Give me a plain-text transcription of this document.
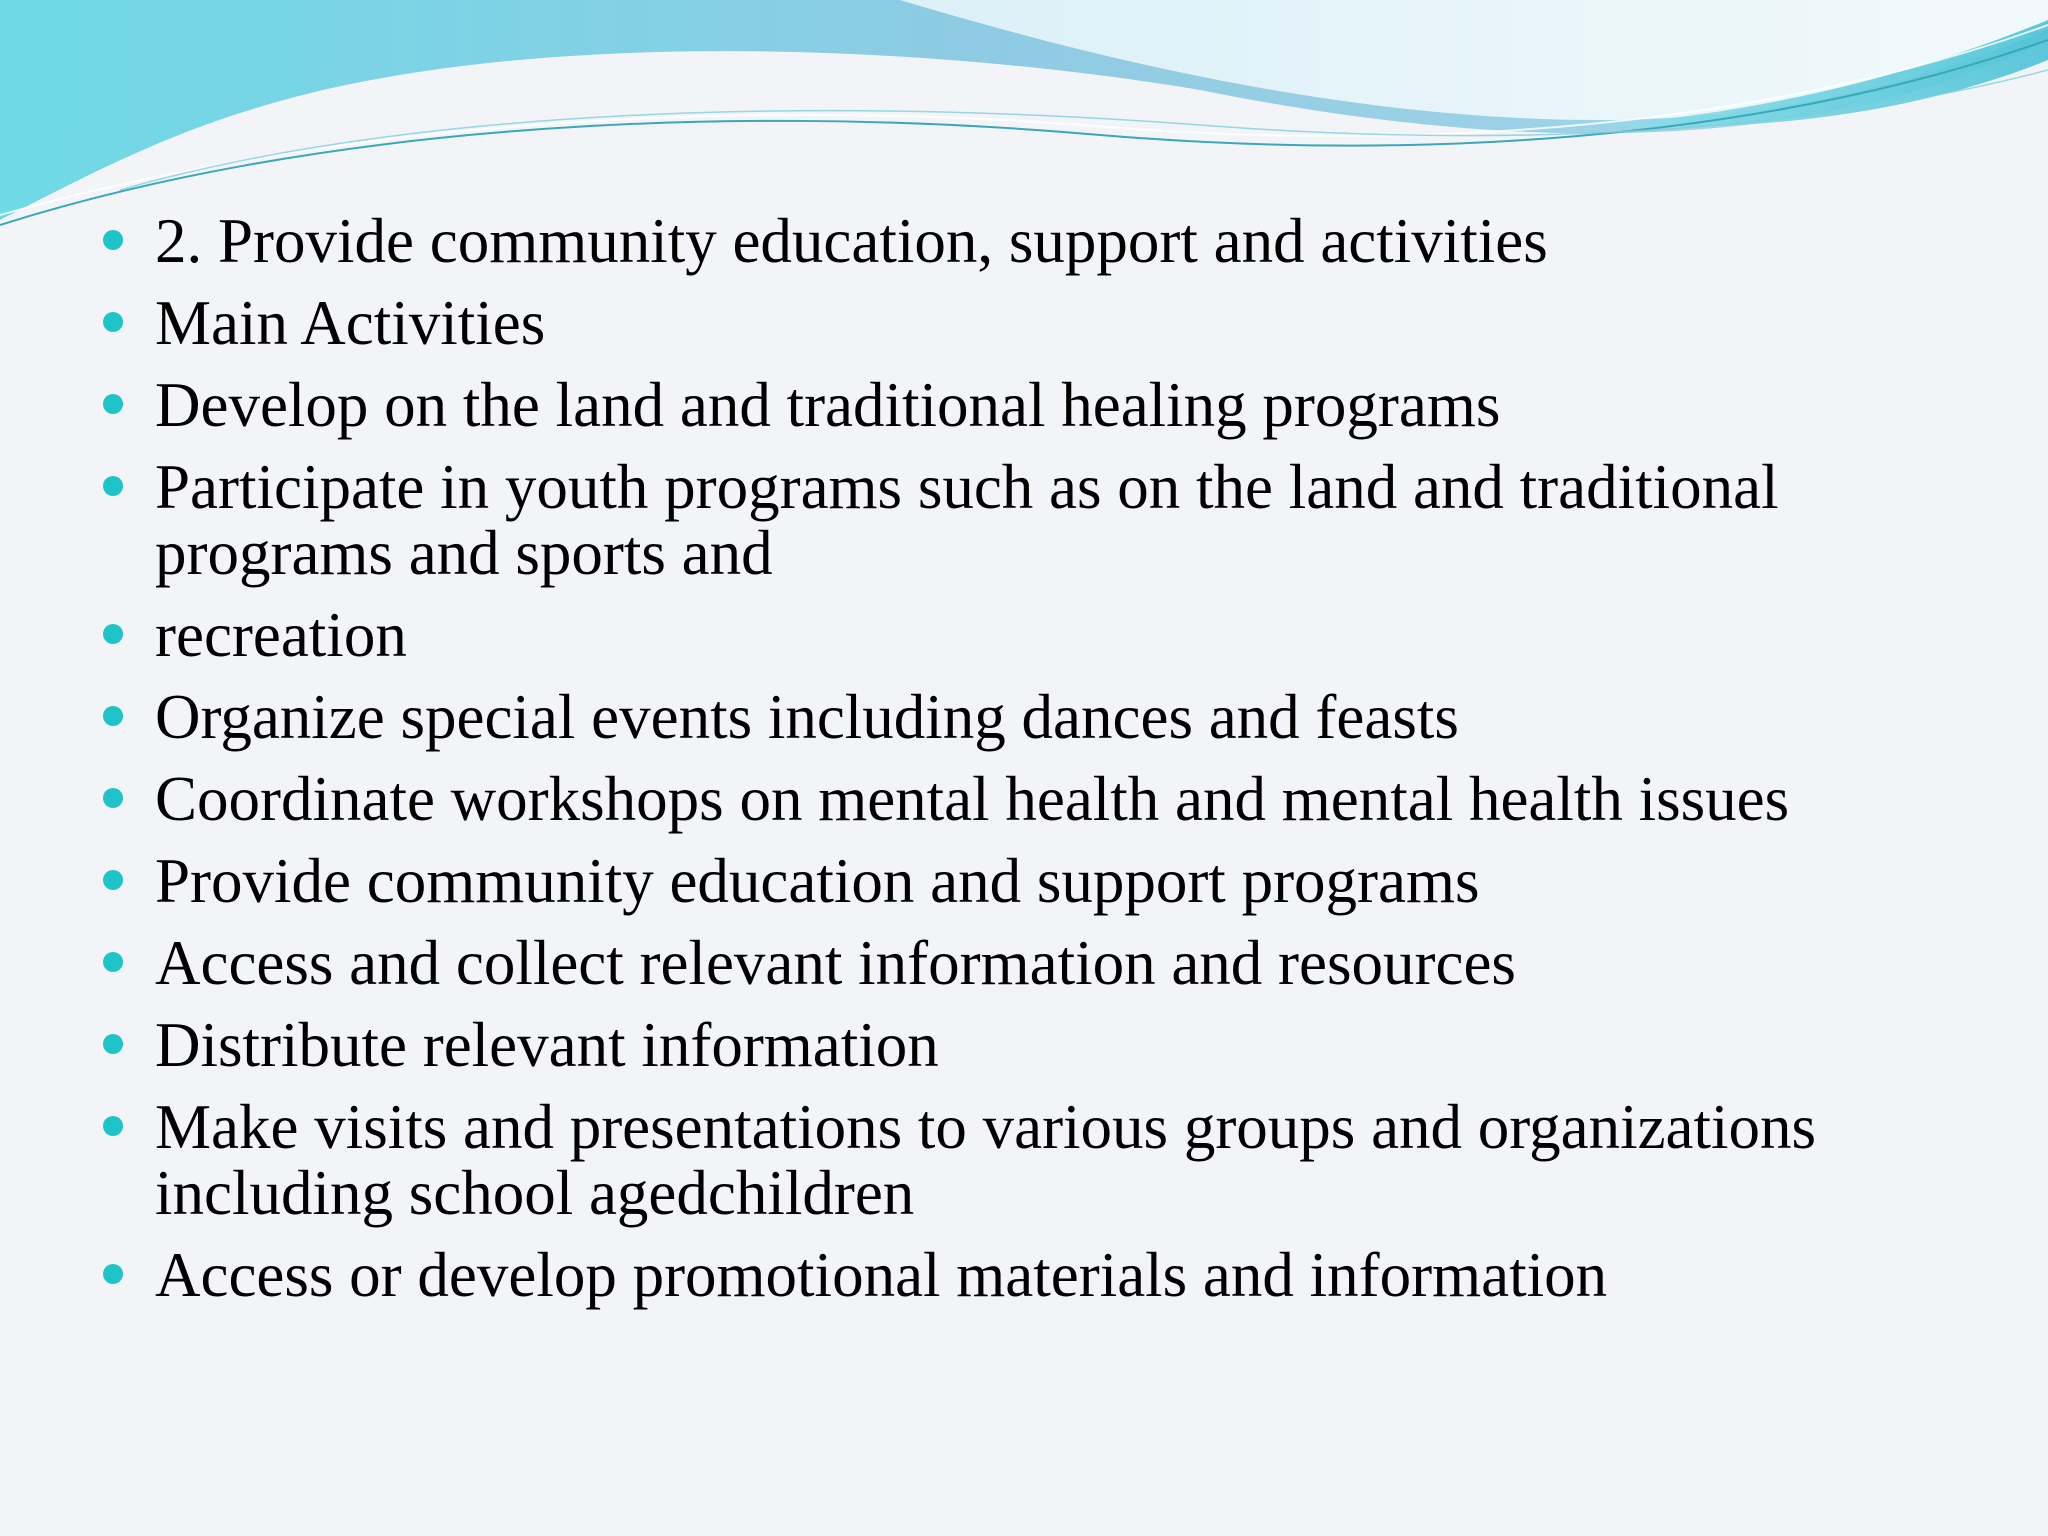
2. Provide community education, support and activities
Main Activities
Develop on the land and traditional healing programs
Participate in youth programs such as on the land and traditional programs and sports and
recreation
Organize special events including dances and feasts
Coordinate workshops on mental health and mental health issues
Provide community education and support programs
Access and collect relevant information and resources
Distribute relevant information
Make visits and presentations to various groups and organizations including school agedchildren
Access or develop promotional materials and information
